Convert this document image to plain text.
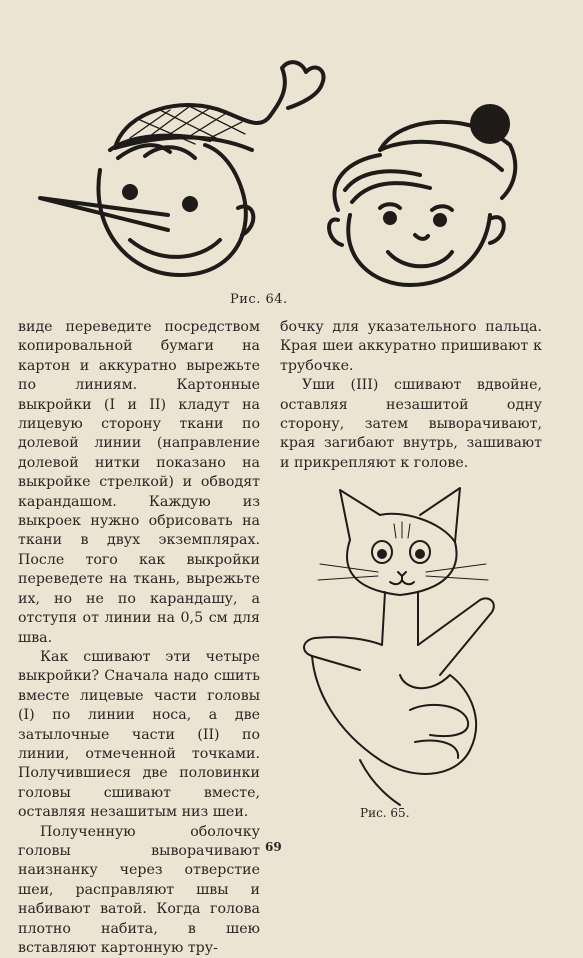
Рис. 64.

виде переведите посредством копировальной бумаги на картон и аккуратно вырежьте по линиям. Картонные выкройки (I и II) кладут на лицевую сторону ткани по долевой линии (направление долевой нитки показано на выкройке стрелкой) и обводят карандашом. Каждую из выкроек нужно обрисовать на ткани в двух экземплярах. После того как выкройки переведете на ткань, вырежьте их, но не по карандашу, а отступя от линии на 0,5 см для шва.

Как сшивают эти четыре выкройки? Сначала надо сшить вместе лицевые части головы (I) по линии носа, а две затылочные части (II) по линии, отмеченной точками. Получившиеся две половинки головы сшивают вместе, оставляя незашитым низ шеи.

Полученную оболочку головы выворачивают наизнанку через отверстие шеи, расправляют швы и набивают ватой. Когда голова плотно набита, в шею вставляют картонную тру-

бочку для указательного пальца. Края шеи аккуратно пришивают к трубочке.

Уши (III) сшивают вдвойне, оставляя незашитой одну сторону, затем выворачивают, края загибают внутрь, зашивают и прикрепляют к голове.

Рис. 65.
69
